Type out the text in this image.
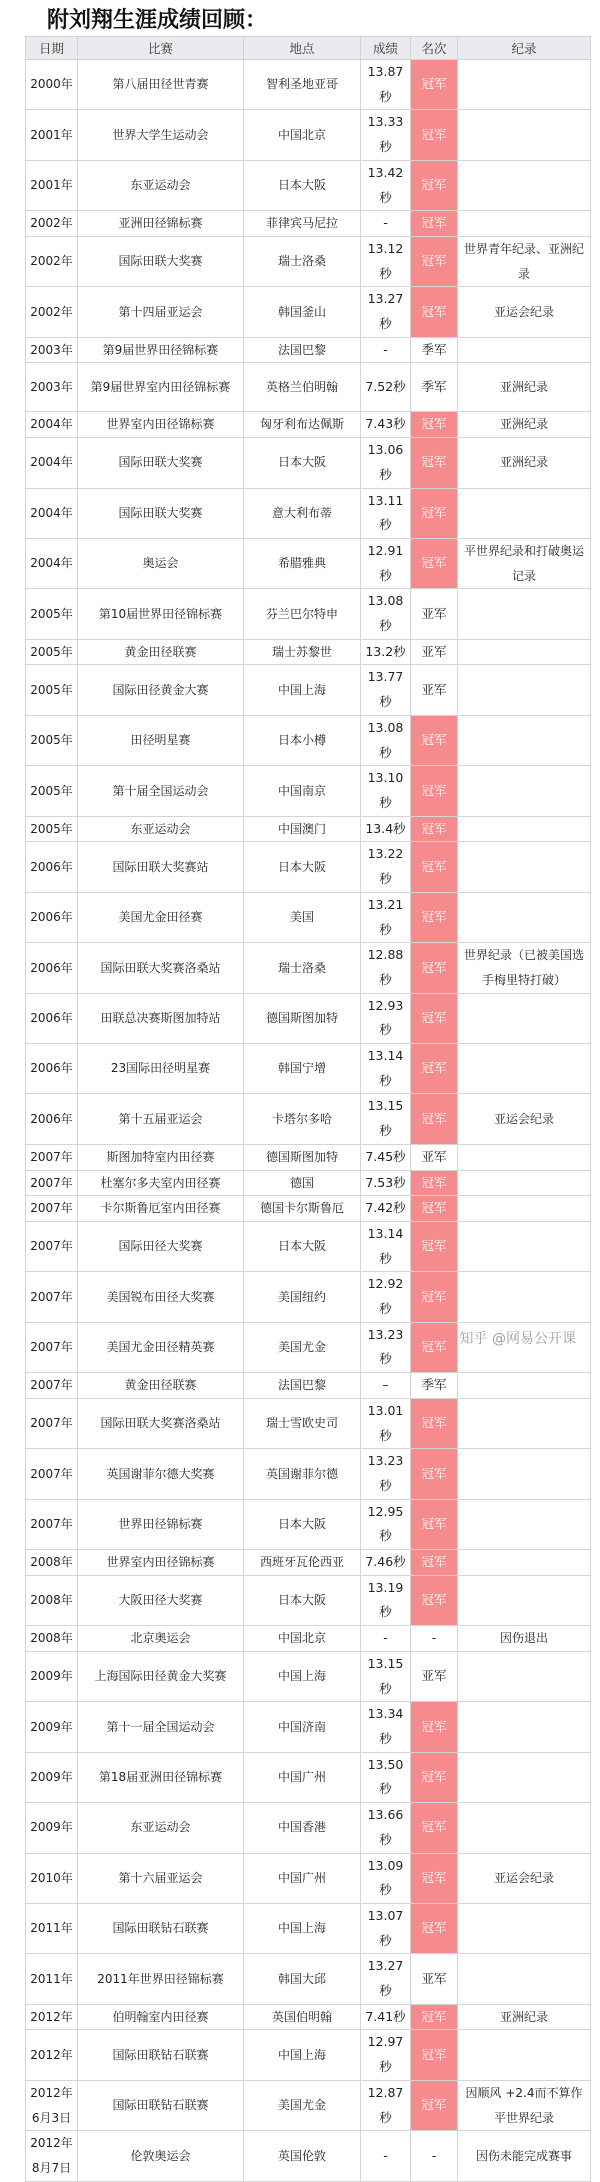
附刘翔生涯成绩回顾：
日期	比赛	地点	成绩	名次	纪录
2000年	第八届田径世青赛	智利圣地亚哥	13.87秒	冠军	
2001年	世界大学生运动会	中国北京	13.33秒	冠军	
2001年	东亚运动会	日本大阪	13.42秒	冠军	
2002年	亚洲田径锦标赛	菲律宾马尼拉	-	冠军	
2002年	国际田联大奖赛	瑞士洛桑	13.12秒	冠军	世界青年纪录、亚洲纪录
2002年	第十四届亚运会	韩国釜山	13.27秒	冠军	亚运会纪录
2003年	第9届世界田径锦标赛	法国巴黎	-	季军	
2003年	第9届世界室内田径锦标赛	英格兰伯明翰	7.52秒	季军	亚洲纪录
2004年	世界室内田径锦标赛	匈牙利布达佩斯	7.43秒	冠军	亚洲纪录
2004年	国际田联大奖赛	日本大阪	13.06秒	冠军	亚洲纪录
2004年	国际田联大奖赛	意大利布蒂	13.11秒	冠军	
2004年	奥运会	希腊雅典	12.91秒	冠军	平世界纪录和打破奥运记录
2005年	第10届世界田径锦标赛	芬兰巴尔特申	13.08秒	亚军	
2005年	黄金田径联赛	瑞士苏黎世	13.2秒	亚军	
2005年	国际田径黄金大赛	中国上海	13.77秒	亚军	
2005年	田径明星赛	日本小樽	13.08秒	冠军	
2005年	第十届全国运动会	中国南京	13.10秒	冠军	
2005年	东亚运动会	中国澳门	13.4秒	冠军	
2006年	国际田联大奖赛站	日本大阪	13.22秒	冠军	
2006年	美国尤金田径赛	美国	13.21秒	冠军	
2006年	国际田联大奖赛洛桑站	瑞士洛桑	12.88秒	冠军	世界纪录（已被美国选手梅里特打破）
2006年	田联总决赛斯图加特站	德国斯图加特	12.93秒	冠军	
2006年	23国际田径明星赛	韩国宁增	13.14秒	冠军	
2006年	第十五届亚运会	卡塔尔多哈	13.15秒	冠军	亚运会纪录
2007年	斯图加特室内田径赛	德国斯图加特	7.45秒	亚军	
2007年	杜塞尔多夫室内田径赛	德国	7.53秒	冠军	
2007年	卡尔斯鲁厄室内田径赛	德国卡尔斯鲁厄	7.42秒	冠军	
2007年	国际田径大奖赛	日本大阪	13.14秒	冠军	
2007年	美国锐布田径大奖赛	美国纽约	12.92秒	冠军	
2007年	美国尤金田径精英赛	美国尤金	13.23秒	冠军	
2007年	黄金田径联赛	法国巴黎	–	季军	
2007年	国际田联大奖赛洛桑站	瑞士雪欧史司	13.01秒	冠军	
2007年	英国谢菲尔德大奖赛	英国谢菲尔德	13.23秒	冠军	
2007年	世界田径锦标赛	日本大阪	12.95秒	冠军	
2008年	世界室内田径锦标赛	西班牙瓦伦西亚	7.46秒	冠军	
2008年	大阪田径大奖赛	日本大阪	13.19秒	冠军	
2008年	北京奥运会	中国北京	-	-	因伤退出
2009年	上海国际田径黄金大奖赛	中国上海	13.15秒	亚军	
2009年	第十一届全国运动会	中国济南	13.34秒	冠军	
2009年	第18届亚洲田径锦标赛	中国广州	13.50秒	冠军	
2009年	东亚运动会	中国香港	13.66秒	冠军	
2010年	第十六届亚运会	中国广州	13.09秒	冠军	亚运会纪录
2011年	国际田联钻石联赛	中国上海	13.07秒	冠军	
2011年	2011年世界田径锦标赛	韩国大邱	13.27秒	亚军	
2012年	伯明翰室内田径赛	英国伯明翰	7.41秒	冠军	亚洲纪录
2012年	国际田联钻石联赛	中国上海	12.97秒	冠军	
2012年6月3日	国际田联钻石联赛	美国尤金	12.87秒	冠军	因顺风 +2.4而不算作平世界纪录
2012年8月7日	伦敦奥运会	英国伦敦	-	-	因伤未能完成赛事
知乎 @网易公开课
